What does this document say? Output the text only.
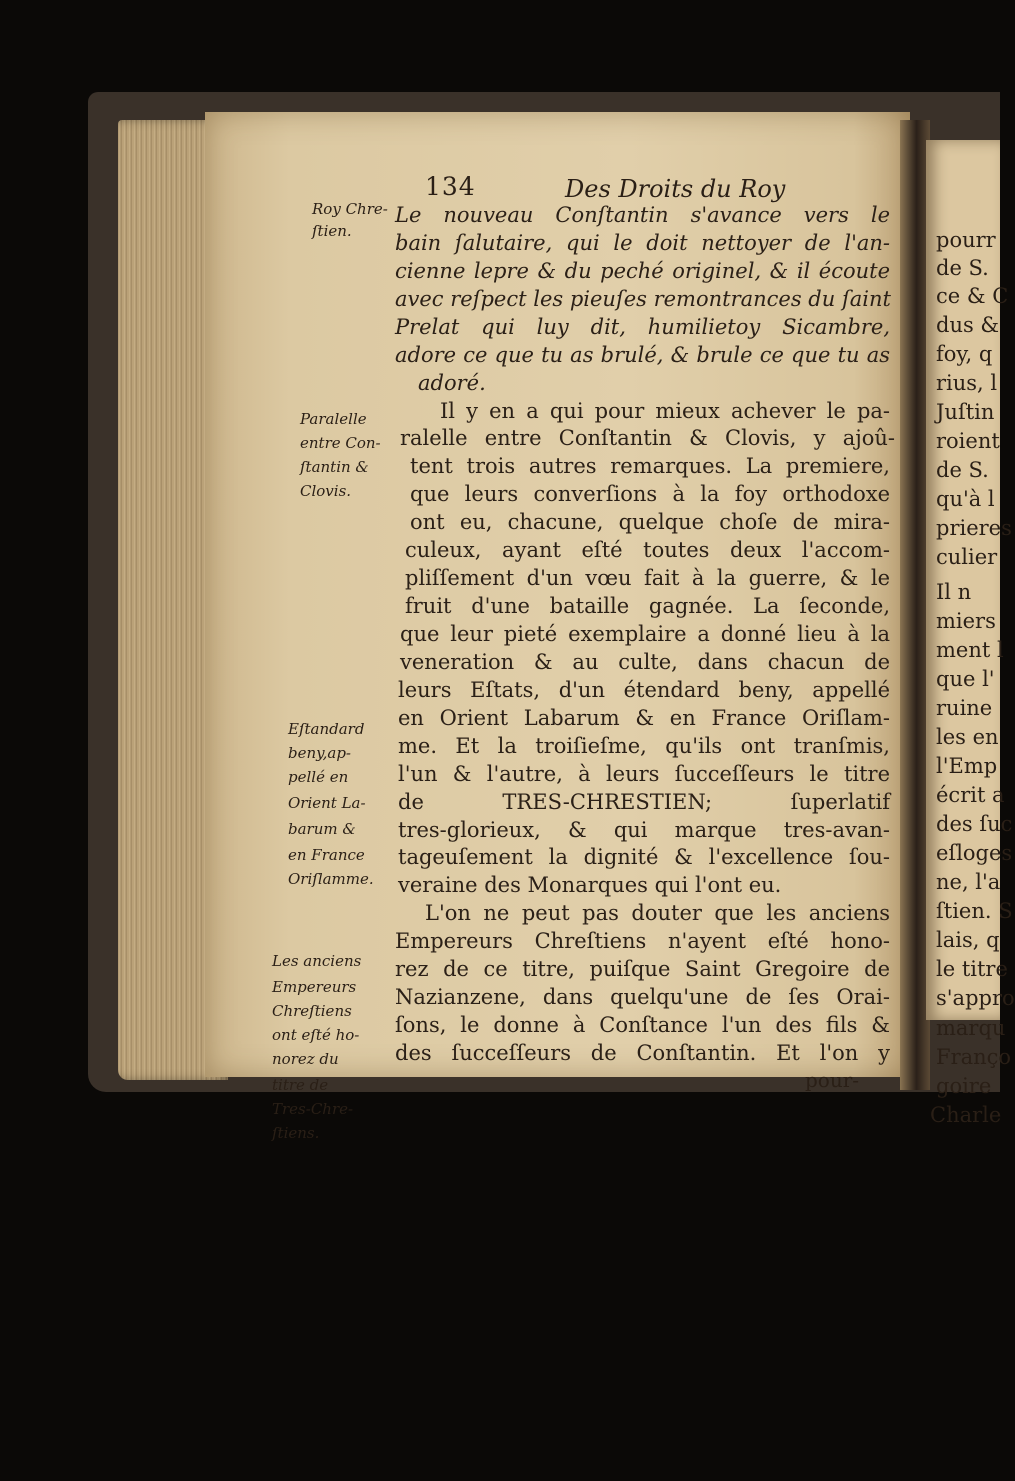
pourr
de S.
ce & C
dus &
foy, q
rius, l
Juſtin
roient
de S.
qu'à l
prieres
culier
Il n
miers
ment l
que l'
ruine
les en
l'Emp
écrit a
des ſuc
eſloges
ne, l'a
ſtien. S
lais, q
le titre
s'appro
marqu
Franço
goire
Charle
134	Des Droits du Roy
Roy Chre-
ſtien.
Paralelle
entre Con-
ſtantin &
Clovis.
Eſtandard
beny,ap-
pellé en
Orient La-
barum &
en France
Oriſlamme.
Les anciens
Empereurs
Chreſtiens
ont eſté ho-
norez du
titre de
Tres-Chre-
ſtiens.
Le nouveau Conſtantin s'avance vers le
bain ſalutaire, qui le doit nettoyer de l'an-
cienne lepre & du peché originel, & il écoute
avec reſpect les pieuſes remontrances du ſaint
Prelat qui luy dit, humilietoy Sicambre,
adore ce que tu as brulé, & brule ce que tu as
adoré.
Il y en a qui pour mieux achever le pa-
ralelle entre Conſtantin & Clovis, y ajoû-
tent trois autres remarques. La premiere,
que leurs converſions à la foy orthodoxe
ont eu, chacune, quelque choſe de mira-
culeux, ayant eſté toutes deux l'accom-
pliſſement d'un vœu fait à la guerre, & le
fruit d'une bataille gagnée. La ſeconde,
que leur pieté exemplaire a donné lieu à la
veneration & au culte, dans chacun de
leurs Eſtats, d'un étendard beny, appellé
en Orient Labarum & en France Oriſlam-
me. Et la troiſieſme, qu'ils ont tranſmis,
l'un & l'autre, à leurs ſucceſſeurs le titre
de TRES-CHRESTIEN; ſuperlatif
tres-glorieux, & qui marque tres-avan-
tageuſement la dignité & l'excellence ſou-
veraine des Monarques qui l'ont eu.
L'on ne peut pas douter que les anciens
Empereurs Chreſtiens n'ayent eſté hono-
rez de ce titre, puiſque Saint Gregoire de
Nazianzene, dans quelqu'une de ſes Orai-
ſons, le donne à Conſtance l'un des fils &
des ſucceſſeurs de Conſtantin. Et l'on y
pour-
